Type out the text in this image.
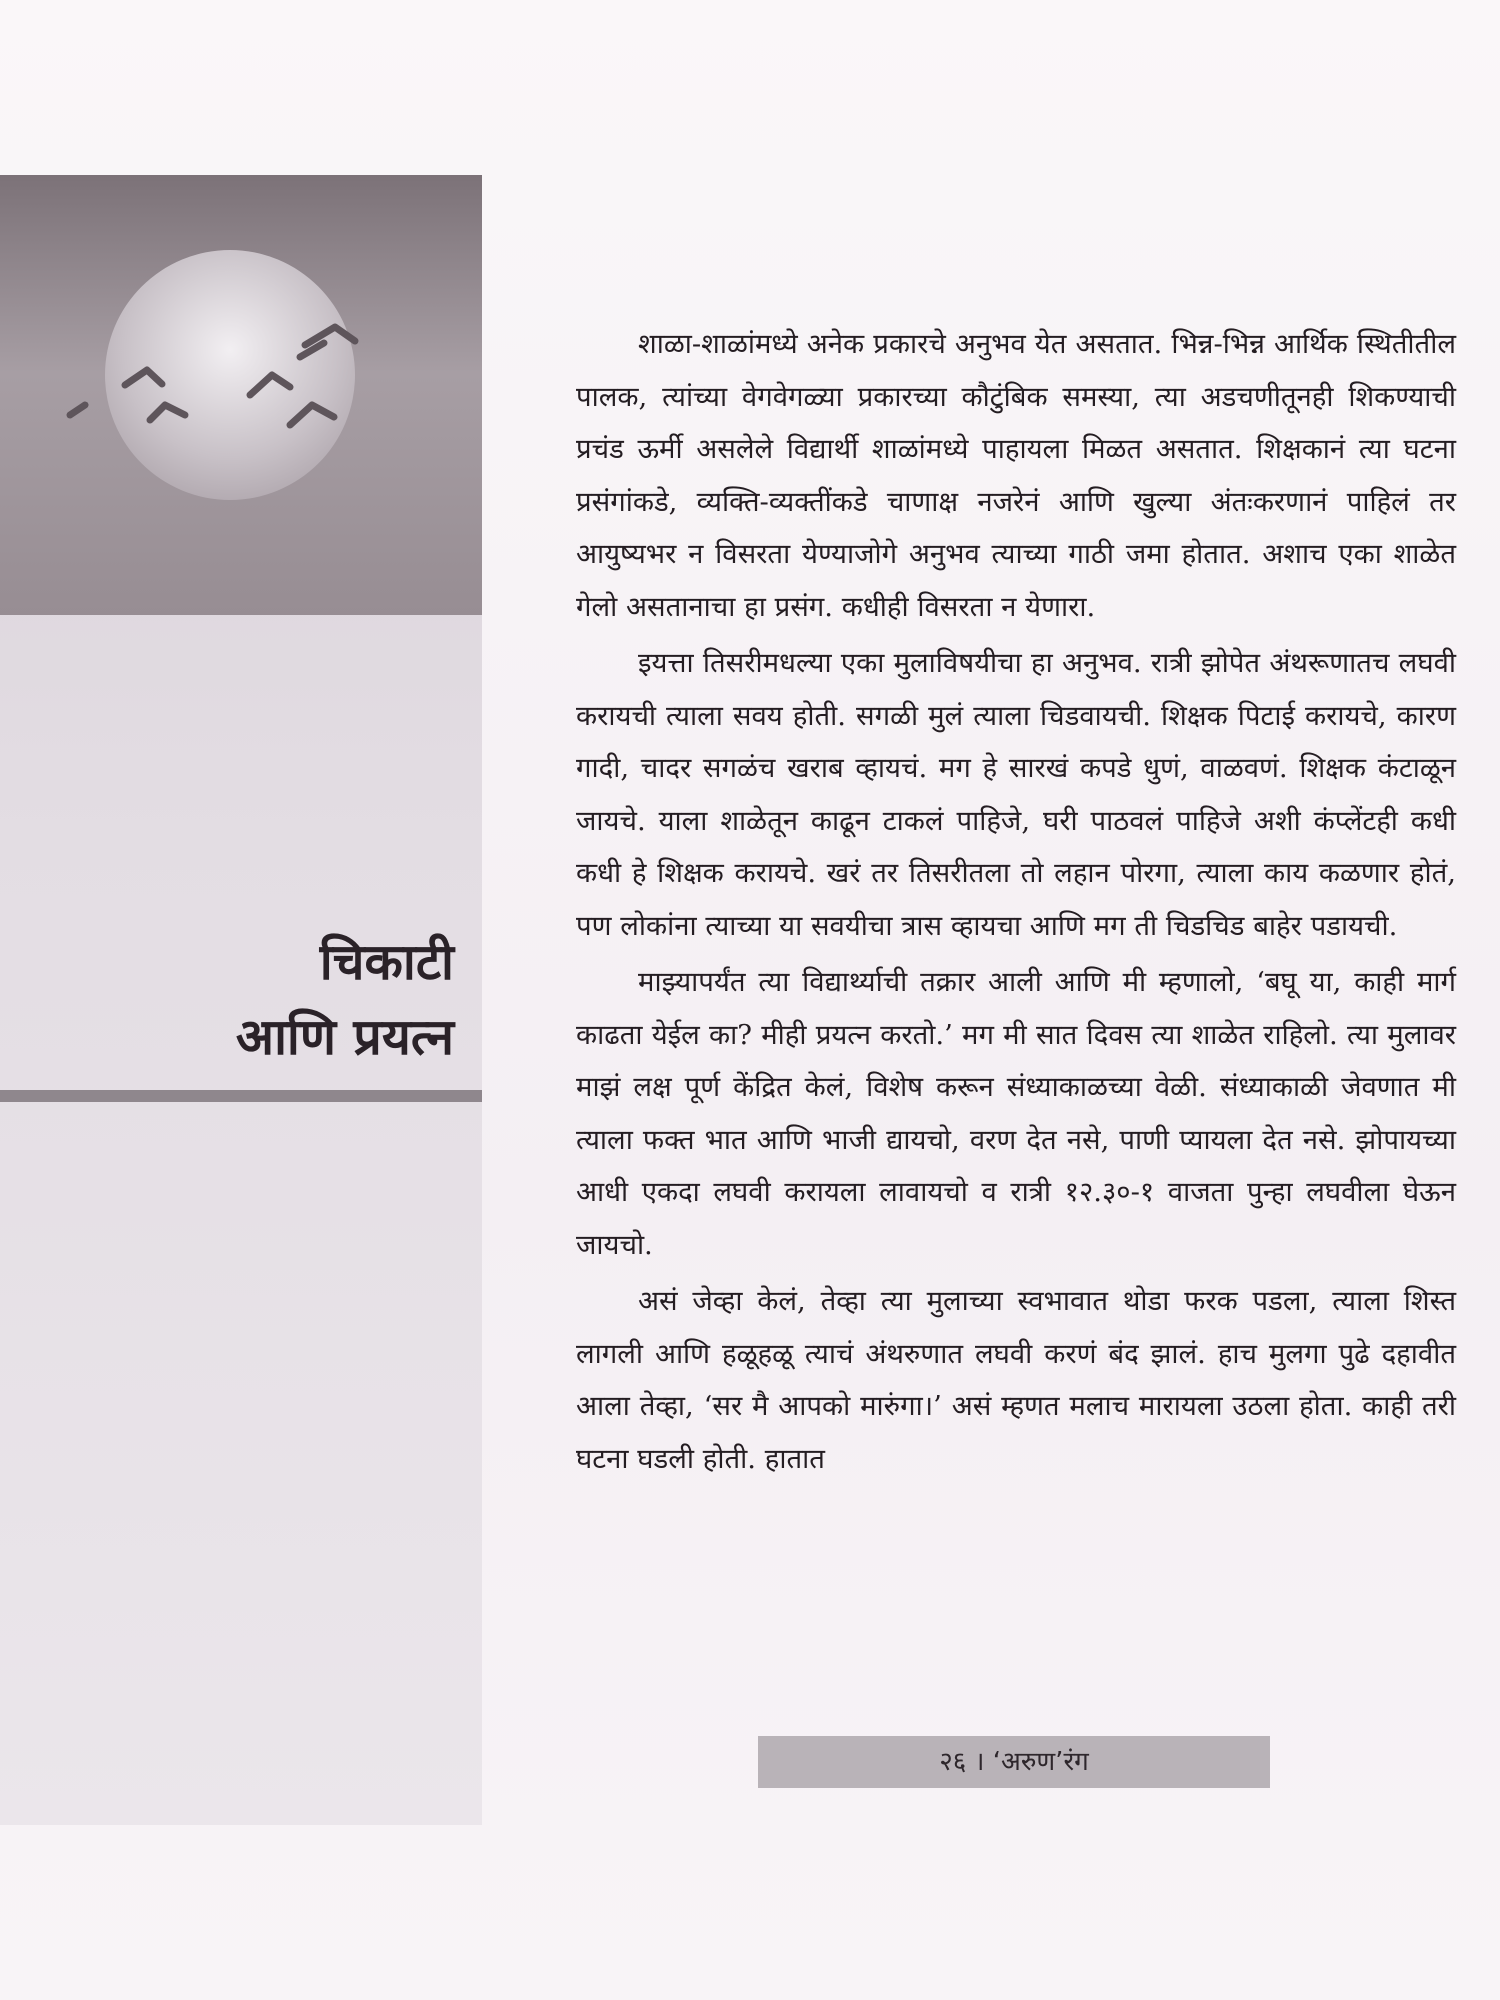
चिकाटी
आणि प्रयत्न

शाळा-शाळांमध्ये अनेक प्रकारचे अनुभव येत असतात. भिन्न-भिन्न आर्थिक स्थितीतील पालक, त्यांच्या वेगवेगळ्या प्रकारच्या कौटुंबिक समस्या, त्या अडचणीतूनही शिकण्याची प्रचंड ऊर्मी असलेले विद्यार्थी शाळांमध्ये पाहायला मिळत असतात. शिक्षकानं त्या घटना प्रसंगांकडे, व्यक्ति-व्यक्तींकडे चाणाक्ष नजरेनं आणि खुल्या अंतःकरणानं पाहिलं तर आयुष्यभर न विसरता येण्याजोगे अनुभव त्याच्या गाठी जमा होतात. अशाच एका शाळेत गेलो असतानाचा हा प्रसंग. कधीही विसरता न येणारा.

इयत्ता तिसरीमधल्या एका मुलाविषयीचा हा अनुभव. रात्री झोपेत अंथरूणातच लघवी करायची त्याला सवय होती. सगळी मुलं त्याला चिडवायची. शिक्षक पिटाई करायचे, कारण गादी, चादर सगळंच खराब व्हायचं. मग हे सारखं कपडे धुणं, वाळवणं. शिक्षक कंटाळून जायचे. याला शाळेतून काढून टाकलं पाहिजे, घरी पाठवलं पाहिजे अशी कंप्लेंटही कधी कधी हे शिक्षक करायचे. खरं तर तिसरीतला तो लहान पोरगा, त्याला काय कळणार होतं, पण लोकांना त्याच्या या सवयीचा त्रास व्हायचा आणि मग ती चिडचिड बाहेर पडायची.

माझ्यापर्यंत त्या विद्यार्थ्याची तक्रार आली आणि मी म्हणालो, ‘बघू या, काही मार्ग काढता येईल का? मीही प्रयत्न करतो.’ मग मी सात दिवस त्या शाळेत राहिलो. त्या मुलावर माझं लक्ष पूर्ण केंद्रित केलं, विशेष करून संध्याकाळच्या वेळी. संध्याकाळी जेवणात मी त्याला फक्त भात आणि भाजी द्यायचो, वरण देत नसे, पाणी प्यायला देत नसे. झोपायच्या आधी एकदा लघवी करायला लावायचो व रात्री १२.३०-१ वाजता पुन्हा लघवीला घेऊन जायचो.

असं जेव्हा केलं, तेव्हा त्या मुलाच्या स्वभावात थोडा फरक पडला, त्याला शिस्त लागली आणि हळूहळू त्याचं अंथरुणात लघवी करणं बंद झालं. हाच मुलगा पुढे दहावीत आला तेव्हा, ‘सर मै आपको मारुंगा।’ असं म्हणत मलाच मारायला उठला होता. काही तरी घटना घडली होती. हातात

२६ । ‘अरुण’रंग
